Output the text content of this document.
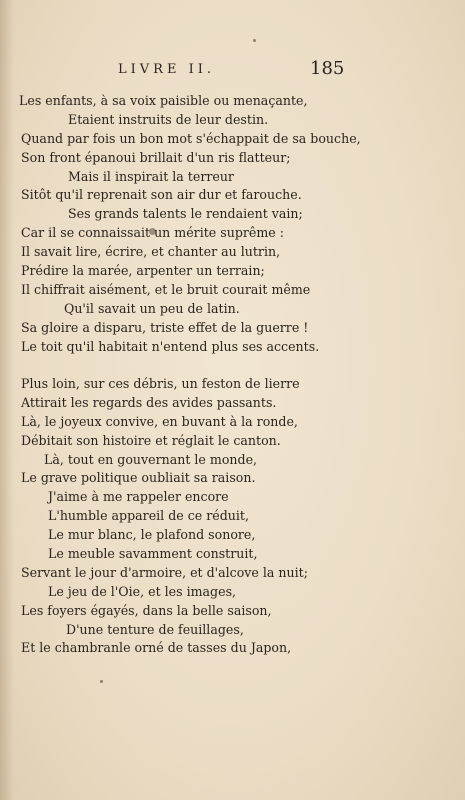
LIVRE II.	185
Les enfants, à sa voix paisible ou menaçante,
Etaient instruits de leur destin.
Quand par fois un bon mot s'échappait de sa bouche,
Son front épanoui brillait d'un ris flatteur;
Mais il inspirait la terreur
Sitôt qu'il reprenait son air dur et farouche.
Ses grands talents le rendaient vain;
Car il se connaissait un mérite suprême :
Il savait lire, écrire, et chanter au lutrin,
Prédire la marée, arpenter un terrain;
Il chiffrait aisément, et le bruit courait même
Qu'il savait un peu de latin.
Sa gloire a disparu, triste effet de la guerre !
Le toit qu'il habitait n'entend plus ses accents.
Plus loin, sur ces débris, un feston de lierre
Attirait les regards des avides passants.
Là, le joyeux convive, en buvant à la ronde,
Débitait son histoire et réglait le canton.
Là, tout en gouvernant le monde,
Le grave politique oubliait sa raison.
J'aime à me rappeler encore
L'humble appareil de ce réduit,
Le mur blanc, le plafond sonore,
Le meuble savamment construit,
Servant le jour d'armoire, et d'alcove la nuit;
Le jeu de l'Oie, et les images,
Les foyers égayés, dans la belle saison,
D'une tenture de feuillages,
Et le chambranle orné de tasses du Japon,
